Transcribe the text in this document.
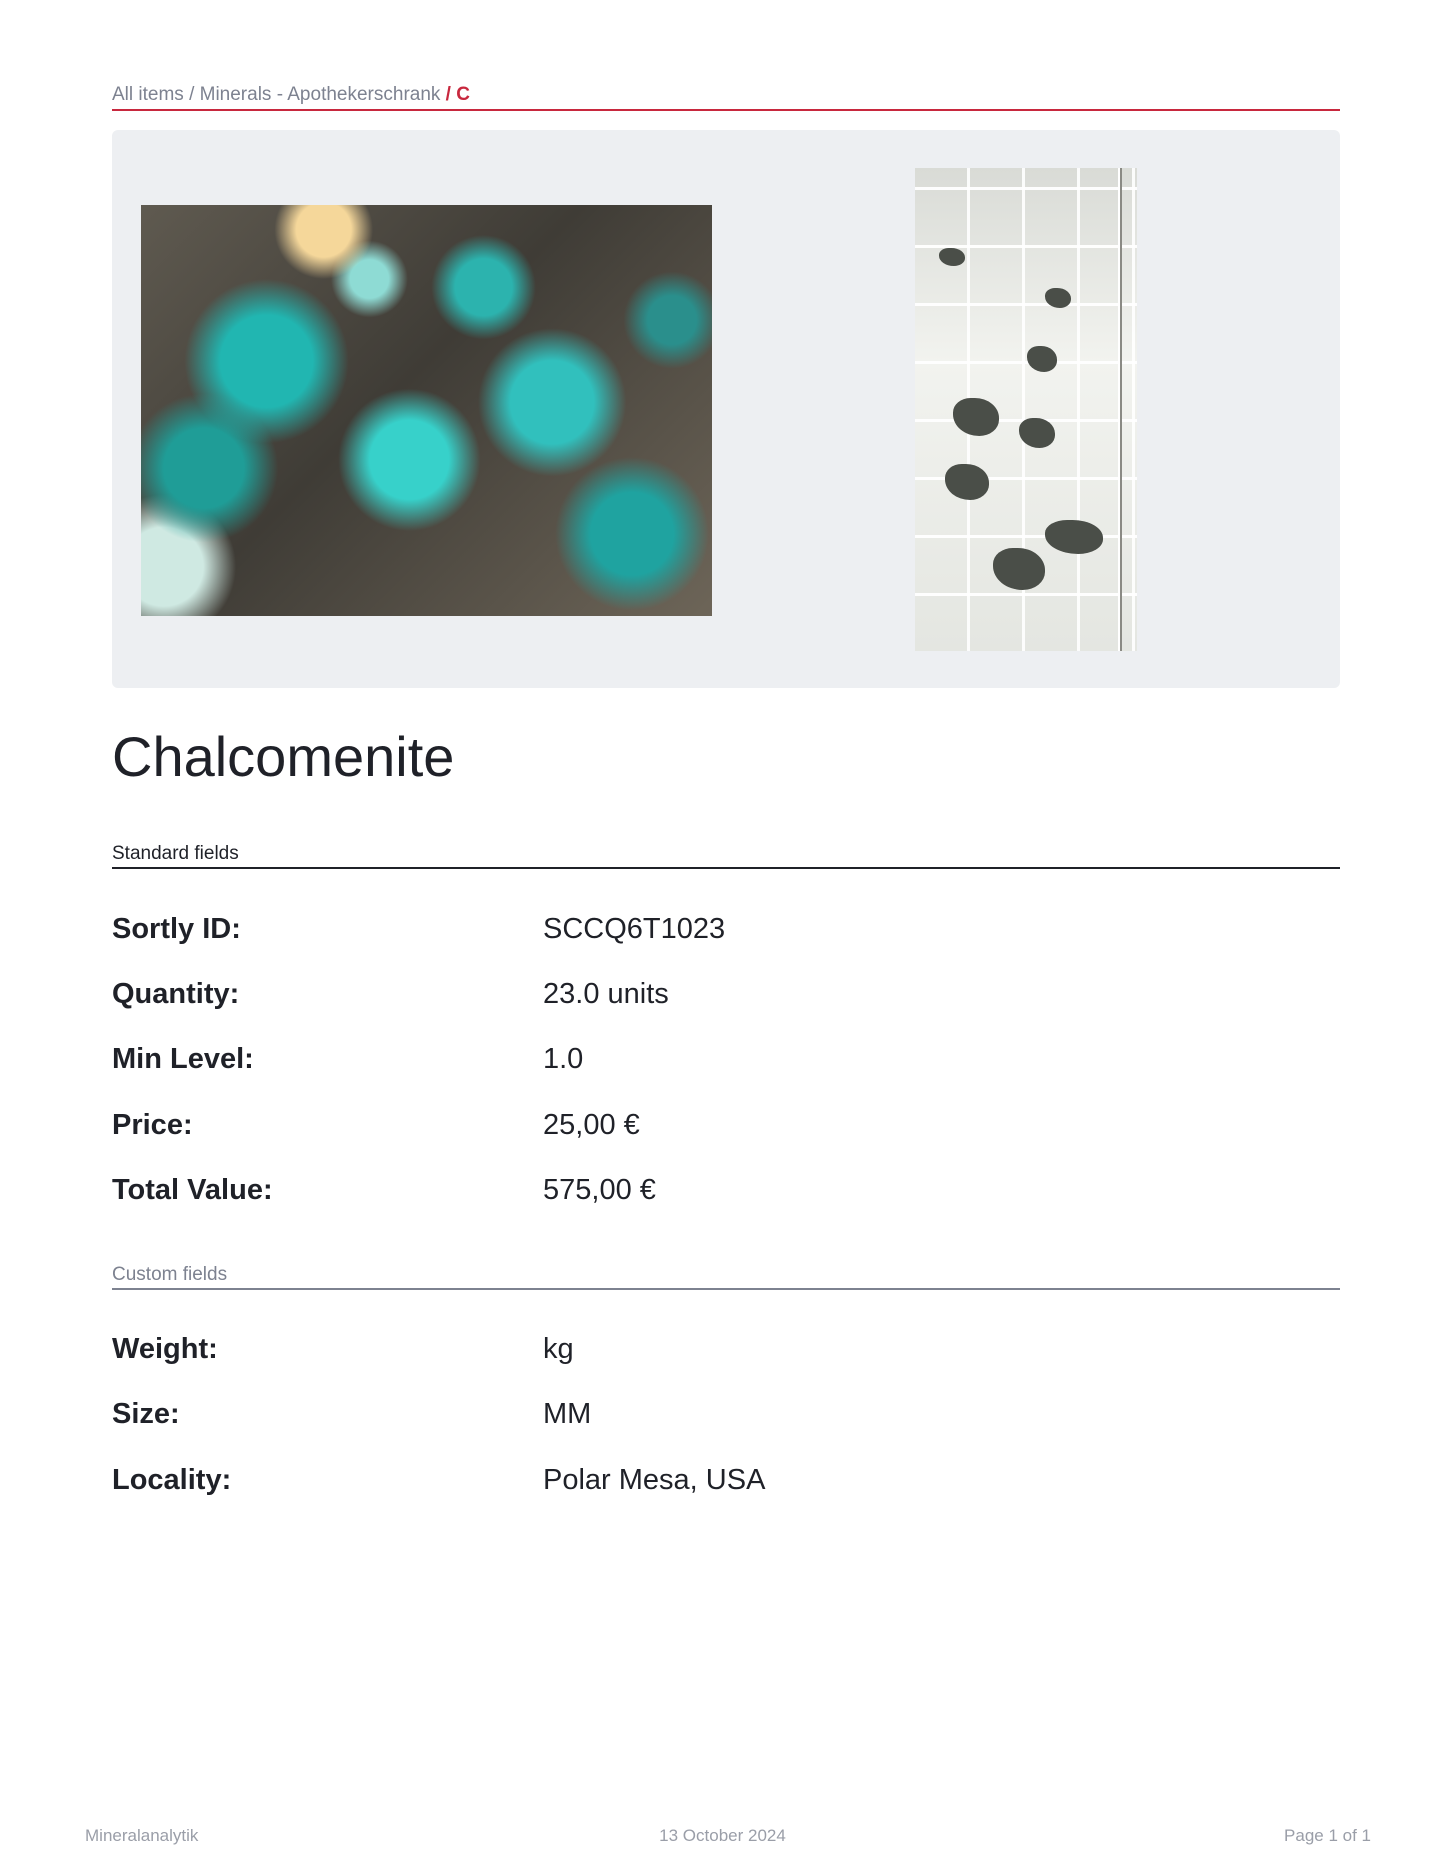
All items / Minerals - Apothekerschrank / C
Chalcomenite
Standard fields
Sortly ID:	SCCQ6T1023
Quantity:	23.0 units
Min Level:	1.0
Price:	25,00 €
Total Value:	575,00 €
Custom fields
Weight:	kg
Size:	MM
Locality:	Polar Mesa, USA
Mineralanalytik	13 October 2024	Page 1 of 1
